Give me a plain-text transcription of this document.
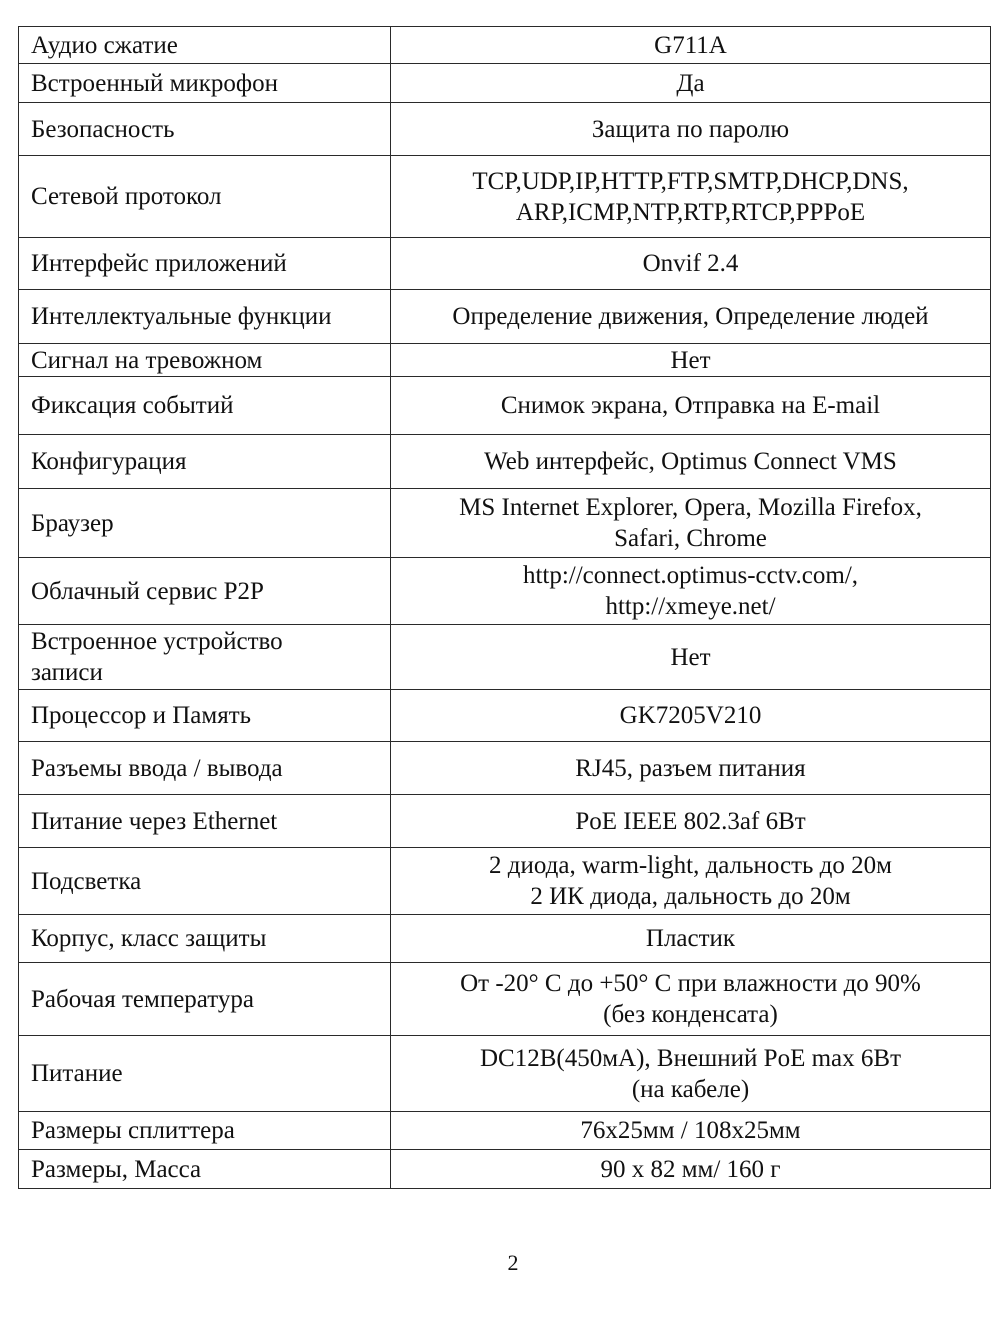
Аудио сжатие	G711A

Встроенный микрофон	Да

Безопасность	Защита по паролю

Сетевой протокол	TCP,UDP,IP,HTTP,FTP,SMTP,DHCP,DNS,
ARP,ICMP,NTP,RTP,RTCP,PPPoE

Интерфейс приложений	Onvif 2.4

Интеллектуальные функции	Определение движения, Определение людей

Сигнал на тревожном	Нет

Фиксация событий	Снимок экрана, Отправка на E-mail

Конфигурация	Web интерфейс, Optimus Connect VMS

Браузер	MS Internet Explorer, Opera, Mozilla Firefox,
Safari, Chrome

Облачный сервис P2P	http://connect.optimus-cctv.com/,
http://xmeye.net/

Встроенное устройство
записи	Нет

Процессор и Память	GK7205V210

Разъемы ввода / вывода	RJ45, разъем питания

Питание через Ethernet	PoE IEEE 802.3af 6Вт

Подсветка	2 диода, warm-light, дальность до 20м
2 ИК диода, дальность до 20м

Корпус, класс защиты	Пластик

Рабочая температура	От -20° С до +50° С при влажности до 90%
(без конденсата)

Питание	DC12В(450мА), Внешний PoE max 6Вт
(на кабеле)

Размеры сплиттера	76x25мм / 108x25мм

Размеры, Масса	90 х 82 мм/ 160 г
2
